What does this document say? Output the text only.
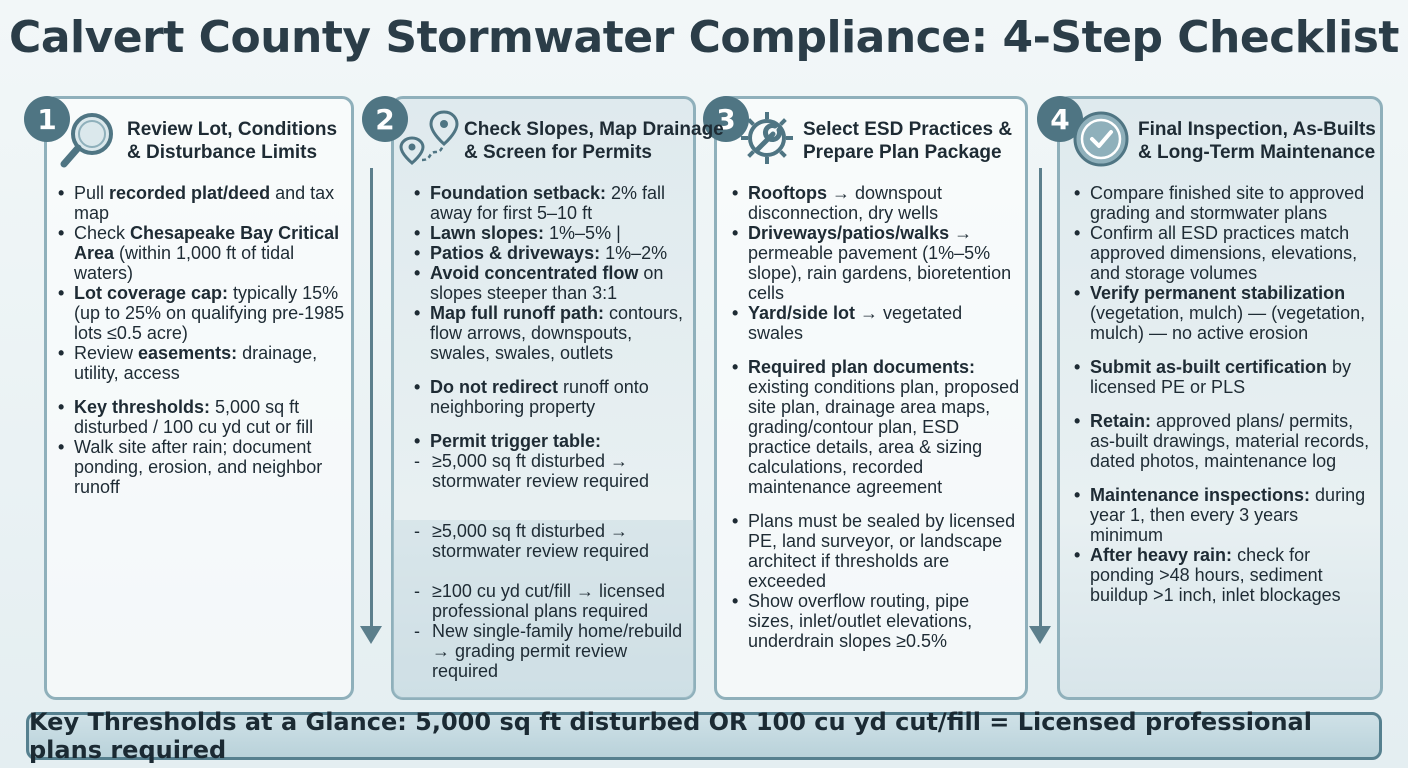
Calvert County Stormwater Compliance: 4-Step Checklist
1	2	3	4
Review Lot, Conditions
& Disturbance Limits
Check Slopes, Map Drainage
& Screen for Permits
Select ESD Practices &
Prepare Plan Package
Final Inspection, As-Builts
& Long-Term Maintenance
• Pull recorded plat/deed and tax map
• Check Chesapeake Bay Critical Area (within 1,000 ft of tidal waters)
• Lot coverage cap: typically 15% (up to 25% on qualifying pre-1985 lots ≤0.5 acre)
• Review easements: drainage, utility, access
• Key thresholds: 5,000 sq ft disturbed / 100 cu yd cut or fill
• Walk site after rain; document ponding, erosion, and neighbor runoff
• Foundation setback: 2% fall away for first 5–10 ft
• Lawn slopes: 1%–5% |
• Patios & driveways: 1%–2%
• Avoid concentrated flow on slopes steeper than 3:1
• Map full runoff path: contours, flow arrows, downspouts, swales, swales, outlets
• Do not redirect runoff onto neighboring property
• Permit trigger table:
- ≥5,000 sq ft disturbed → stormwater review required
- ≥5,000 sq ft disturbed → stormwater review required
- ≥100 cu yd cut/fill → licensed professional plans required
- New single-family home/rebuild → grading permit review required
• Rooftops → downspout disconnection, dry wells
• Driveways/patios/walks → permeable pavement (1%–5% slope), rain gardens, bioretention cells
• Yard/side lot → vegetated swales
• Required plan documents: existing conditions plan, proposed site plan, drainage area maps, grading/contour plan, ESD practice details, area & sizing calculations, recorded maintenance agreement
• Plans must be sealed by licensed PE, land surveyor, or landscape architect if thresholds are exceeded
• Show overflow routing, pipe sizes, inlet/outlet elevations, underdrain slopes ≥0.5%
• Compare finished site to approved grading and stormwater plans
• Confirm all ESD practices match approved dimensions, elevations, and storage volumes
• Verify permanent stabilization (vegetation, mulch) — (vegetation, mulch) — no active erosion
• Submit as-built certification by licensed PE or PLS
• Retain: approved plans/ permits, as-built drawings, material records, dated photos, maintenance log
• Maintenance inspections: during year 1, then every 3 years minimum
• After heavy rain: check for ponding >48 hours, sediment buildup >1 inch, inlet blockages
Key Thresholds at a Glance: 5,000 sq ft disturbed OR 100 cu yd cut/fill = Licensed professional plans required
